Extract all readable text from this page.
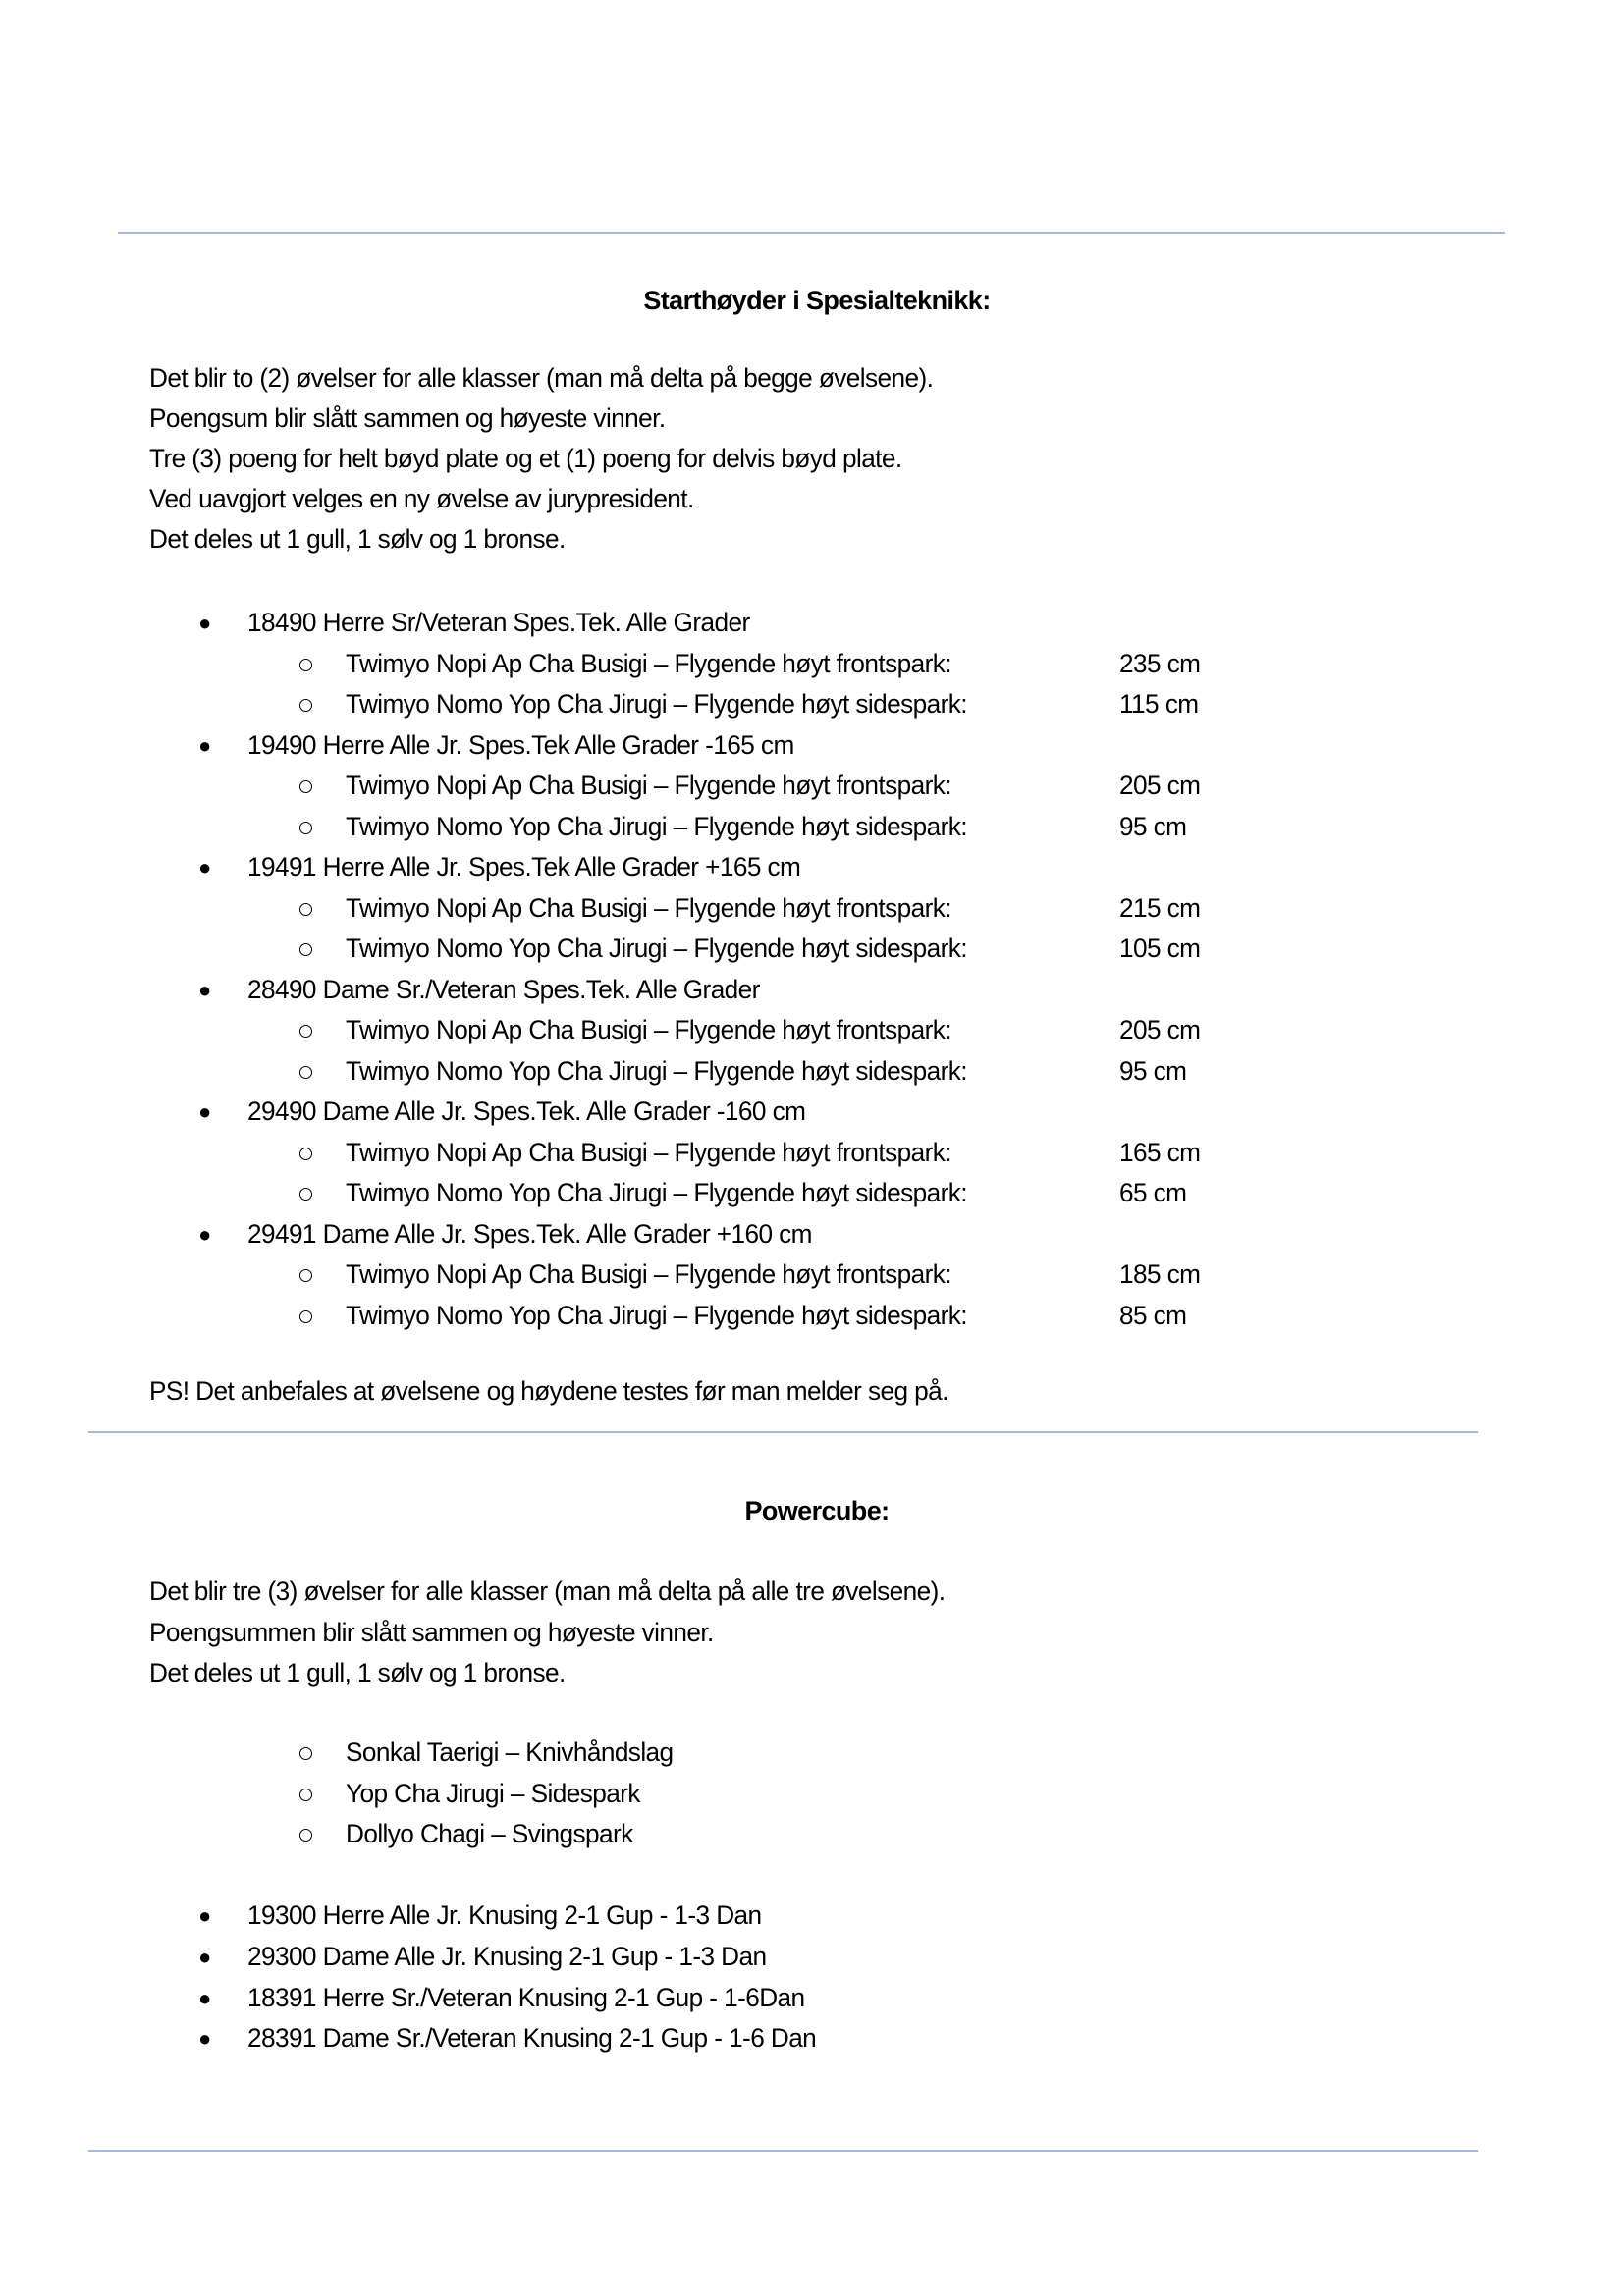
Starthøyder i Spesialteknikk:
Det blir to (2) øvelser for alle klasser (man må delta på begge øvelsene).
Poengsum blir slått sammen og høyeste vinner.
Tre (3) poeng for helt bøyd plate og et (1) poeng for delvis bøyd plate.
Ved uavgjort velges en ny øvelse av jurypresident.
Det deles ut 1 gull, 1 sølv og 1 bronse.
● 18490 Herre Sr/Veteran Spes.Tek. Alle Grader
Twimyo Nopi Ap Cha Busigi – Flygende høyt frontspark:	235 cm
Twimyo Nomo Yop Cha Jirugi – Flygende høyt sidespark:	115 cm
● 19490 Herre Alle Jr. Spes.Tek Alle Grader -165 cm
Twimyo Nopi Ap Cha Busigi – Flygende høyt frontspark:	205 cm
Twimyo Nomo Yop Cha Jirugi – Flygende høyt sidespark:	95 cm
● 19491 Herre Alle Jr. Spes.Tek Alle Grader +165 cm
Twimyo Nopi Ap Cha Busigi – Flygende høyt frontspark:	215 cm
Twimyo Nomo Yop Cha Jirugi – Flygende høyt sidespark:	105 cm
● 28490 Dame Sr./Veteran Spes.Tek. Alle Grader
Twimyo Nopi Ap Cha Busigi – Flygende høyt frontspark:	205 cm
Twimyo Nomo Yop Cha Jirugi – Flygende høyt sidespark:	95 cm
● 29490 Dame Alle Jr. Spes.Tek. Alle Grader -160 cm
Twimyo Nopi Ap Cha Busigi – Flygende høyt frontspark:	165 cm
Twimyo Nomo Yop Cha Jirugi – Flygende høyt sidespark:	65 cm
● 29491 Dame Alle Jr. Spes.Tek. Alle Grader +160 cm
Twimyo Nopi Ap Cha Busigi – Flygende høyt frontspark:	185 cm
Twimyo Nomo Yop Cha Jirugi – Flygende høyt sidespark:	85 cm
PS! Det anbefales at øvelsene og høydene testes før man melder seg på.
Powercube:
Det blir tre (3) øvelser for alle klasser (man må delta på alle tre øvelsene).
Poengsummen blir slått sammen og høyeste vinner.
Det deles ut 1 gull, 1 sølv og 1 bronse.
Sonkal Taerigi – Knivhåndslag
Yop Cha Jirugi – Sidespark
Dollyo Chagi – Svingspark
● 19300 Herre Alle Jr. Knusing 2-1 Gup - 1-3 Dan
● 29300 Dame Alle Jr. Knusing 2-1 Gup - 1-3 Dan
● 18391 Herre Sr./Veteran Knusing 2-1 Gup - 1-6Dan
● 28391 Dame Sr./Veteran Knusing 2-1 Gup - 1-6 Dan
